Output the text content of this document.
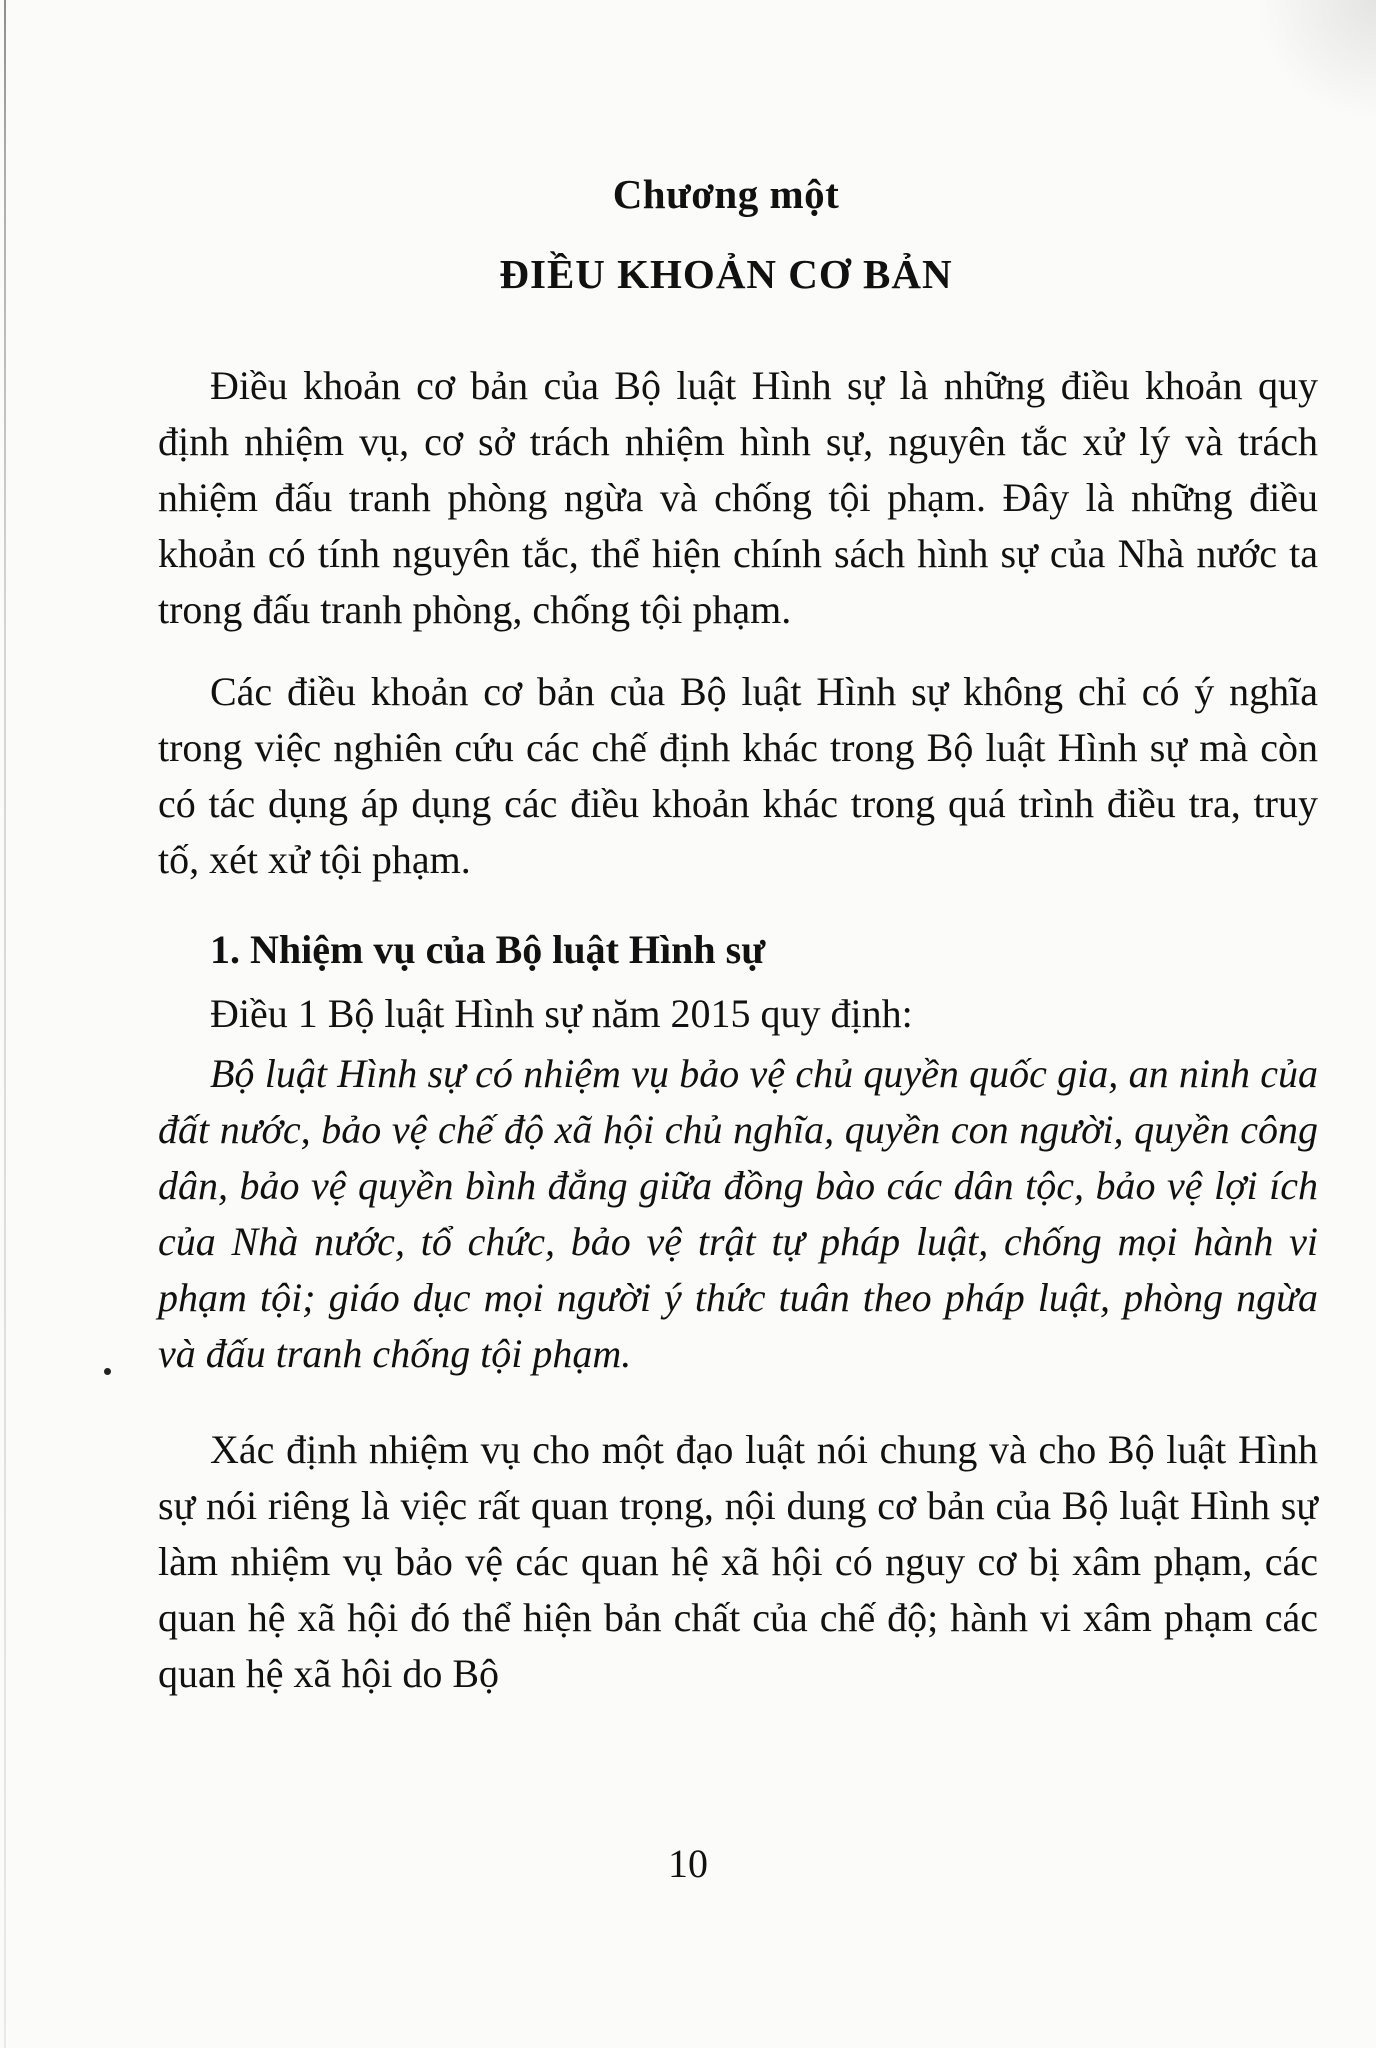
Chương một
ĐIỀU KHOẢN CƠ BẢN

Điều khoản cơ bản của Bộ luật Hình sự là những điều khoản quy định nhiệm vụ, cơ sở trách nhiệm hình sự, nguyên tắc xử lý và trách nhiệm đấu tranh phòng ngừa và chống tội phạm. Đây là những điều khoản có tính nguyên tắc, thể hiện chính sách hình sự của Nhà nước ta trong đấu tranh phòng, chống tội phạm.

Các điều khoản cơ bản của Bộ luật Hình sự không chỉ có ý nghĩa trong việc nghiên cứu các chế định khác trong Bộ luật Hình sự mà còn có tác dụng áp dụng các điều khoản khác trong quá trình điều tra, truy tố, xét xử tội phạm.

1. Nhiệm vụ của Bộ luật Hình sự
Điều 1 Bộ luật Hình sự năm 2015 quy định:

Bộ luật Hình sự có nhiệm vụ bảo vệ chủ quyền quốc gia, an ninh của đất nước, bảo vệ chế độ xã hội chủ nghĩa, quyền con người, quyền công dân, bảo vệ quyền bình đẳng giữa đồng bào các dân tộc, bảo vệ lợi ích của Nhà nước, tổ chức, bảo vệ trật tự pháp luật, chống mọi hành vi phạm tội; giáo dục mọi người ý thức tuân theo pháp luật, phòng ngừa và đấu tranh chống tội phạm.

Xác định nhiệm vụ cho một đạo luật nói chung và cho Bộ luật Hình sự nói riêng là việc rất quan trọng, nội dung cơ bản của Bộ luật Hình sự làm nhiệm vụ bảo vệ các quan hệ xã hội có nguy cơ bị xâm phạm, các quan hệ xã hội đó thể hiện bản chất của chế độ; hành vi xâm phạm các quan hệ xã hội do Bộ

10
